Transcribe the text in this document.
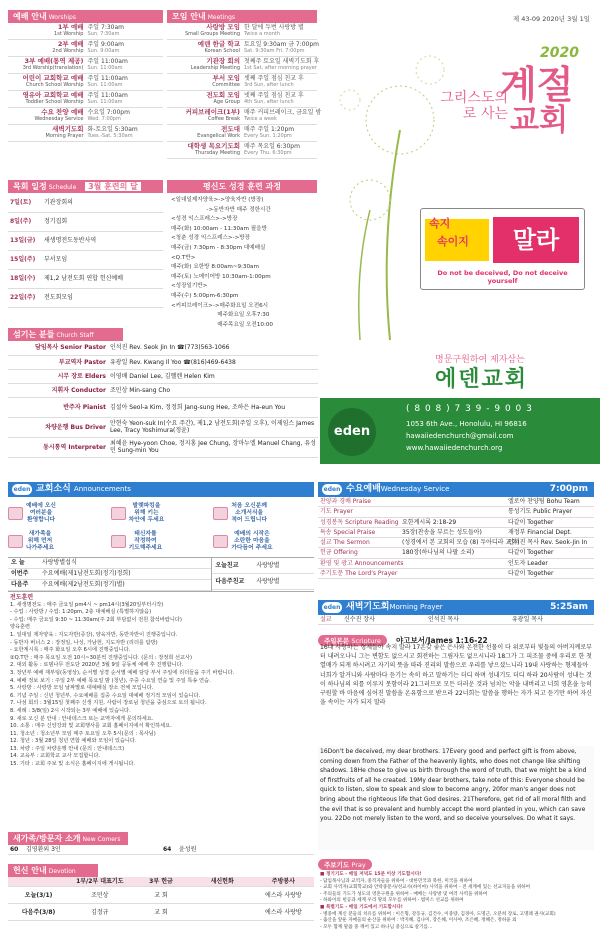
예배 안내 Worships
1부 예배
1st Worship	주일 7:30am
Sun. 7:30am

2부 예배
2nd Worship	주일 9:00am
Sun. 9:00am

3부 예배(통역 제공)
3rd Worship(translation)	주일 11:00am
Sun. 11:00am

어린이 교회학교 예배
Church School Worship	주일 11:00am
Sun. 11:00am

영유아 교회학교 예배
Toddler School Worship	주일 11:00am
Sun. 11:00am

수요 찬양 예배
Wednesday Service	수요일 7:00pm
Wed. 7:00pm

새벽기도회
Morning Prayer	화-토요일 5:30am
Tues.-Sat. 5:30am
모임 안내 Meetings
사랑방 모임
Small Groups Meeting	한 달에 두번 사랑방 별
Twice a month

예덴 한글 학교
Korean School	토요일 9:30am 금 7:00pm
Sat. 9:30am Fri. 7:00pm

기관장 회의
Leadership Meeting	첫째주 토요일 새벽기도회 후
1st Sat, after morning prayer

부서 모임
Committee	셋째 주일 점심 친교 후
3rd Sun, after lunch

전도회 모임
Age Group	넷째 주일 점심 친교 후
4th Sun, after lunch

커피브레이크(1부)
Coffee Break	매주 커피브레이크, 금요일 밤
Twice a week

전도대
Evangelical Work	매주 주일 1:20pm
Every Sun. 1:20pm

대학생 목요기도회
Thursday Meeting	매주 목요일 6:30pm
Every Thu. 6:30pm
목회 일정 Schedule 3월 훈련의 달
7일(토)	기관장회의
8일(주)	정기집회
13일(금)	새생명전도동반사역
15일(주)	부서모임
18일(수)	제1,2 남전도회 연합 헌신예배
22일(주)	전도회모임
평신도 성경 훈련 과정
<일대일제자양육>->양육자반 (방장)
->동반자반 매주 정한시간
<성경 익스프레스>->방장
매주(화) 10:00am - 11:30am 필을방
<청춘 성경 익스프레스>->방장
매주(금) 7:30pm - 8:30pm 대예배실
<Q.T반>
매주(화) 요한방 8:00am~9:30am
매주(토) 노메이어방 10:30am-1:00pm
<성장일기반>
매주(수) 5:00pm-6:30pm
<커피브레이크>->매주화요일 오전6시
매주화요일 오후7:30
매주목요일 오전10:00
섬기는 분들 Church Staff
담임목사 Senior Pastor	인석진 Rev. Seok Jin In ☎(773)563-1066
부교역자 Pastor	유광일 Rev. Kwang Il Yoo ☎(816)469-6438
시무 장로 Elders	이영배 Daniel Lee, 김헬렌 Helen Kim
지휘자 Conductor	조민상 Min-sang Cho
반주자 Pianist	김설아 Seol-a Kim, 정정희 Jang-sung Hee, 조하은 Ha-eun You
차량운행 Bus Driver	안현숙 Yeon-suk In(수요 주간), 제1,2 남전도회(주일 오후), 이제임스 James Lee, Tracy Yoshimura(정윤)
동시통역 Interpreter	최혜윤 Hye-yoon Choe, 정지홍 Jee Chung, 장마누엘 Manuel Chang, 유성민 Sung-min You
제 43-09 2020년 3월 1일
2020
그리스도의
로 사는
계절
교회
속지
속이지	말라
Do not be deceived, Do not deceive yourself
명문구원하여 제자삼는
에덴교회
eden
( 8 0 8 ) 7 3 9 - 9 0 0 3
1053 6th Ave., Honolulu, HI 96816
hawaiiedenchurch@gmail.com
www.hawaiiedenchurch.org
eden 교회소식 Announcements
예배에 오신
여러분을
환영합니다
발렛파킹을
위해 키는
차안에 두세요
처음 오신분께
소개서식을
적어 드립니다
새가족을
위해 먼저
나가주세요
태신자를
작정하여
기도해주세요
예배의 시작은
소란한 마음을
가다듬어 주세요
오 늘	사랑방별섭식
이번주	수요예배(제1남전도회(정기)정희)
다음주	수요예배(제2남전도회(정기)별)
오늘친교	사랑방별
다음주친교	사랑방별
전도훈련

1. 새생명전도 : 매주 금요일 pm4시 ~ pm14시(3월20일부터시작)

- 수업 : 사랑방 / 수업: 1:20pm, 2층 대예배실 (특별하지않음)

- 수업: 매주 금요일 9:30 ~ 11:30am(주 2회 부담없이 전원 참석바랍니다)

양육훈련

1. 일대일 제자양육 : 지도자반(증강), 양육자반, 동반자반이 진행중입니다.

- 동반자 버너스 2 : 장정일, 나성, 가남헌, 지도자반 (리더를 탐방)

- 요한계시록 : 매주 화요일 오후 6시에 진행중입니다.

②Q.T반 : 매주 목요일 오전 10시~30분씩 진행중입니다. (문의 : 장정희 선교사)

2. 대외 활동 : 로뎀나무 전도단 2020년 3월 9일 공동체 예배 후 진행합니다.

3. 장년부 예배 재부팅(동영상), 순서별 성경 순서별 예배 담당 부서 주일에 리더들을 주기 바랍니다.

4. 예배 정보 보기 : 주일 2부 예배 목요일 밤 (청년), 주중 수요일 연습 및 주일 특송 연습.

5. 사랑방 : 사랑방 모임 날짜별로 대예배실 장소 전체 모입니다.

6. 기념 주일 : 신년 청년부, 수요예배를 집중 수요일 대예배 정기적 모임이 있습니다.

7. 나섬 회의 : 3월15일 첫째주 신생 지원, 사람이 장로님 청년을 중심으로 토의 됩니다.

8. 세례 : 3/8(일) 2시 시작되는 3부 예배에 있습니다.

9. 새로 오신 분 안내 : 안내데스크 또는 교역자에게 문의하세요.

10. 소통 : 매주 신앙강좌 및 교회행사를 교회 홈페이지에서 확인하세요.

11. 청소년 : 청소년부 모임 매주 토요일 오후 5시(문의 : 목사님)

12. 청년 : 3월 28일 청년 연합 예배와 모임이 있습니다.

13. 차량 : 주일 차량운행 안내 (문의 : 안내데스크)

14. 교육부 : 교회학교 교사 모집합니다.

15. 기타 : 교회 주보 및 소식은 홈페이지에 게시됩니다.

새가족/방문자 소개 New Comers
60	김영환외 3인	64	윤성원
헌신 안내 Devotion
	1부/2부 대표기도	3부 헌금	새신헌화	주방봉사
오늘(3/1)	조민상	교 회		에스라 사랑방
다음주(3/8)	김정규	교 회		에스라 사랑방
eden 수요예배Wednesday Service	7:00pm
찬양과 경배 Praise		엘로아 찬양팀 Bohu Team
기도 Prayer		통성기도 Public Prayer
성경봉독 Scripture Reading	요한계시록 2:18-29	다같이 Together
특송 Special Praise	35장(찬송을 부르는 성도들아)	재정부 Financial Dept.
설교 The Sermon	(성경에서 본 교회의 모습 (8) 두아디라 교회)	인석진 목사 Rev. Seok-Jin In
헌금 Offering	180장(하나님의 나팔 소리)	다같이 Together
환영 및 광고 Announcements		인도자 Leader
주기도문 The Lord's Prayer		다같이 Together
eden 새벽기도회Morning Prayer	5:25am
설교	신수진 장사	인석진 목사	유광일 목사
주일본문 Scripture 야고보서/James 1:16-22
16내 사랑하는 형제들아 속지 말라 17온갖 좋은 은사와 온전한 선물이 다 위로부터 빛들의 아버지께로부터 내려오나니 그는 변함도 없으시고 회전하는 그림자도 없으시니라 18그가 그 피조물 중에 우리로 한 첫 열매가 되게 하시려고 자기의 뜻을 따라 진리의 말씀으로 우리를 낳으셨느니라 19내 사랑하는 형제들아 너희가 알거니와 사람마다 듣기는 속히 하고 말하기는 더디 하며 성내기도 더디 하라 20사람이 성내는 것이 하나님의 의를 이루지 못함이라 21그러므로 모든 더러운 것과 넘치는 악을 내버리고 너희 영혼을 능히 구원할 바 마음에 심어진 말씀을 온유함으로 받으라 22너희는 말씀을 행하는 자가 되고 듣기만 하여 자신을 속이는 자가 되지 말라
16Don't be deceived, my dear brothers. 17Every good and perfect gift is from above, coming down from the Father of the heavenly lights, who does not change like shifting shadows. 18He chose to give us birth through the word of truth, that we might be a kind of firstfruits of all he created. 19My dear brothers, take note of this: Everyone should be quick to listen, slow to speak and slow to become angry, 20for man's anger does not bring about the righteous life that God desires. 21Therefore, get rid of all moral filth and the evil that is so prevalent and humbly accept the word planted in you, which can save you. 22Do not merely listen to the word, and so deceive yourselves. Do what it says.
주보기도 Pray
■ 정기기도 - 매일 저녁도 15분 이상 기도합시다!
- 담임목사님과 교역자, 중직자들을 위하여 - 대한민국과 북한, 미국을 위하여
- 교회 사역자(교회학교)와 안락중문사/선교사(하이마) 사역을 위하여 - 전 세계에 있는 선교지들을 위하여
- 주의들의 기도가 성도의 영혼구원을 위하여 - 매배는 사랑방 및 여러 사역을 위하여
- 하와이의 헌공과 세계 우리 땅의 모두를 위하여 - 범미스 선교를 위하여
■ 특별기도 - 매일 기도에서 기도합시다!
- 병중에 계신 분들의 치유를 위하여 : 이은형, 강동규, 김건수, 이중량, 김경아, 도명근, 오분희 장로, 고명례 권사(교회)
- 출산을 앞둔 자매들의 순산을 위하여 : 박지혜, 김나미, 장은혜, 이사야, 조은혜, 정혜은, 정하윤 외
- 모두 함께 말씀 중 깨어 있고 하나님 중심으로 살기를...
